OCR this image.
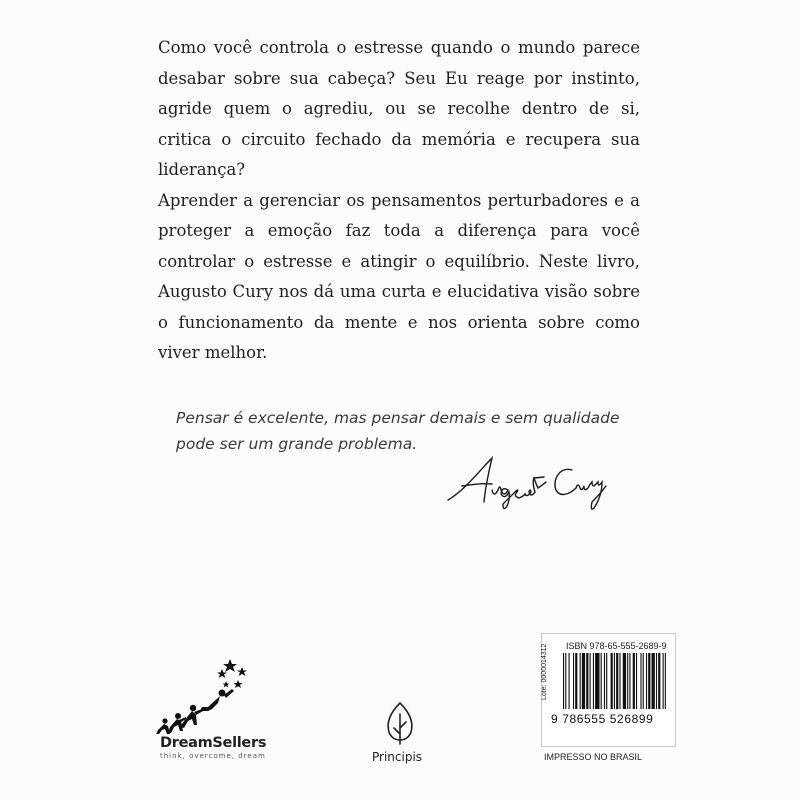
Como você controla o estresse quando o mundo parece desabar sobre sua cabeça? Seu Eu reage por instinto, agride quem o agrediu, ou se recolhe dentro de si, critica o circuito fechado da memória e recupera sua liderança?

Aprender a gerenciar os pensamentos perturbadores e a proteger a emoção faz toda a diferença para você controlar o estresse e atingir o equilíbrio. Neste livro, Augusto Cury nos dá uma curta e elucidativa visão sobre o funcionamento da mente e nos orienta sobre como viver melhor.

Pensar é excelente, mas pensar demais e sem qualidade pode ser um grande problema.
DreamSellers
think, overcome, dream	Principis
ISBN 978-65-555-2689-9
Lote: 0000014312
9 786555 526899
IMPRESSO NO BRASIL
